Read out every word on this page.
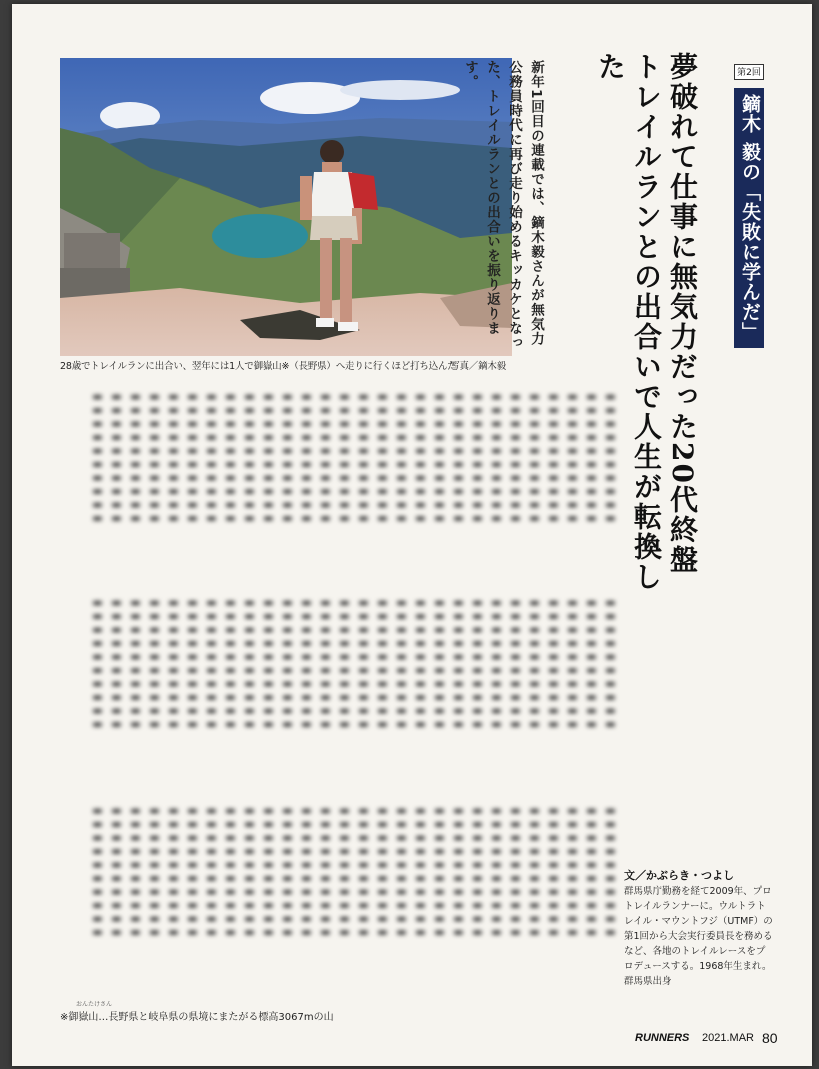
28歳でトレイルランに出合い、翌年には1人で御嶽山※（長野県）へ走りに行くほど打ち込んだ
写真／鏑木毅
新年1回目の連載では、鏑木毅さんが無気力公務員時代に再び走り始めるキッカケとなった、トレイルランとの出合いを振り返ります。	夢破れて仕事に無気力だった20代終盤
トレイルランとの出合いで人生が転換した	第2回
鏑木 毅の「失敗に学んだ」
▬▬▬▬▬▬▬▬▬▬ ▬▬▬▬▬▬▬▬▬▬ ▬▬▬▬▬▬▬▬▬▬ ▬▬▬▬▬▬▬▬▬▬ ▬▬▬▬▬▬▬▬▬▬ ▬▬▬▬▬▬▬▬▬▬ ▬▬▬▬▬▬▬▬▬▬ ▬▬▬▬▬▬▬▬▬▬ ▬▬▬▬▬▬▬▬▬▬ ▬▬▬▬▬▬▬▬▬▬ ▬▬▬▬▬▬▬▬▬▬ ▬▬▬▬▬▬▬▬▬▬ ▬▬▬▬▬▬▬▬▬▬ ▬▬▬▬▬▬▬▬▬▬ ▬▬▬▬▬▬▬▬▬▬ ▬▬▬▬▬▬▬▬▬▬ ▬▬▬▬▬▬▬▬▬▬ ▬▬▬▬▬▬▬▬▬▬ ▬▬▬▬▬▬▬▬▬▬ ▬▬▬▬▬▬▬▬▬▬ ▬▬▬▬▬▬▬▬▬▬ ▬▬▬▬▬▬▬▬▬▬ ▬▬▬▬▬▬▬▬▬▬ ▬▬▬▬▬▬▬▬▬▬ ▬▬▬▬▬▬▬▬▬▬ ▬▬▬▬▬▬▬▬▬▬ ▬▬▬▬▬▬▬▬▬▬ ▬▬▬▬▬▬▬▬▬▬
▬▬▬▬▬▬▬▬▬▬ ▬▬▬▬▬▬▬▬▬▬ ▬▬▬▬▬▬▬▬▬▬ ▬▬▬▬▬▬▬▬▬▬ ▬▬▬▬▬▬▬▬▬▬ ▬▬▬▬▬▬▬▬▬▬ ▬▬▬▬▬▬▬▬▬▬ ▬▬▬▬▬▬▬▬▬▬ ▬▬▬▬▬▬▬▬▬▬ ▬▬▬▬▬▬▬▬▬▬ ▬▬▬▬▬▬▬▬▬▬ ▬▬▬▬▬▬▬▬▬▬ ▬▬▬▬▬▬▬▬▬▬ ▬▬▬▬▬▬▬▬▬▬ ▬▬▬▬▬▬▬▬▬▬ ▬▬▬▬▬▬▬▬▬▬ ▬▬▬▬▬▬▬▬▬▬ ▬▬▬▬▬▬▬▬▬▬ ▬▬▬▬▬▬▬▬▬▬ ▬▬▬▬▬▬▬▬▬▬ ▬▬▬▬▬▬▬▬▬▬ ▬▬▬▬▬▬▬▬▬▬ ▬▬▬▬▬▬▬▬▬▬ ▬▬▬▬▬▬▬▬▬▬ ▬▬▬▬▬▬▬▬▬▬ ▬▬▬▬▬▬▬▬▬▬ ▬▬▬▬▬▬▬▬▬▬ ▬▬▬▬▬▬▬▬▬▬
▬▬▬▬▬▬▬▬▬▬ ▬▬▬▬▬▬▬▬▬▬ ▬▬▬▬▬▬▬▬▬▬ ▬▬▬▬▬▬▬▬▬▬ ▬▬▬▬▬▬▬▬▬▬ ▬▬▬▬▬▬▬▬▬▬ ▬▬▬▬▬▬▬▬▬▬ ▬▬▬▬▬▬▬▬▬▬ ▬▬▬▬▬▬▬▬▬▬ ▬▬▬▬▬▬▬▬▬▬ ▬▬▬▬▬▬▬▬▬▬ ▬▬▬▬▬▬▬▬▬▬ ▬▬▬▬▬▬▬▬▬▬ ▬▬▬▬▬▬▬▬▬▬ ▬▬▬▬▬▬▬▬▬▬ ▬▬▬▬▬▬▬▬▬▬ ▬▬▬▬▬▬▬▬▬▬ ▬▬▬▬▬▬▬▬▬▬ ▬▬▬▬▬▬▬▬▬▬ ▬▬▬▬▬▬▬▬▬▬ ▬▬▬▬▬▬▬▬▬▬ ▬▬▬▬▬▬▬▬▬▬ ▬▬▬▬▬▬▬▬▬▬ ▬▬▬▬▬▬▬▬▬▬ ▬▬▬▬▬▬▬▬▬▬ ▬▬▬▬▬▬▬▬▬▬ ▬▬▬▬▬▬▬▬▬▬ ▬▬▬▬▬▬▬▬▬▬	文／かぶらき・つよし
群馬県庁勤務を経て2009年、プロトレイルランナーに。ウルトラトレイル・マウントフジ（UTMF）の第1回から大会実行委員長を務めるなど、各地のトレイルレースをプロデュースする。1968年生まれ。群馬県出身
おんたけさん
※御嶽山…長野県と岐阜県の県境にまたがる標高3067mの山
RUNNERS 2021.MAR 80
